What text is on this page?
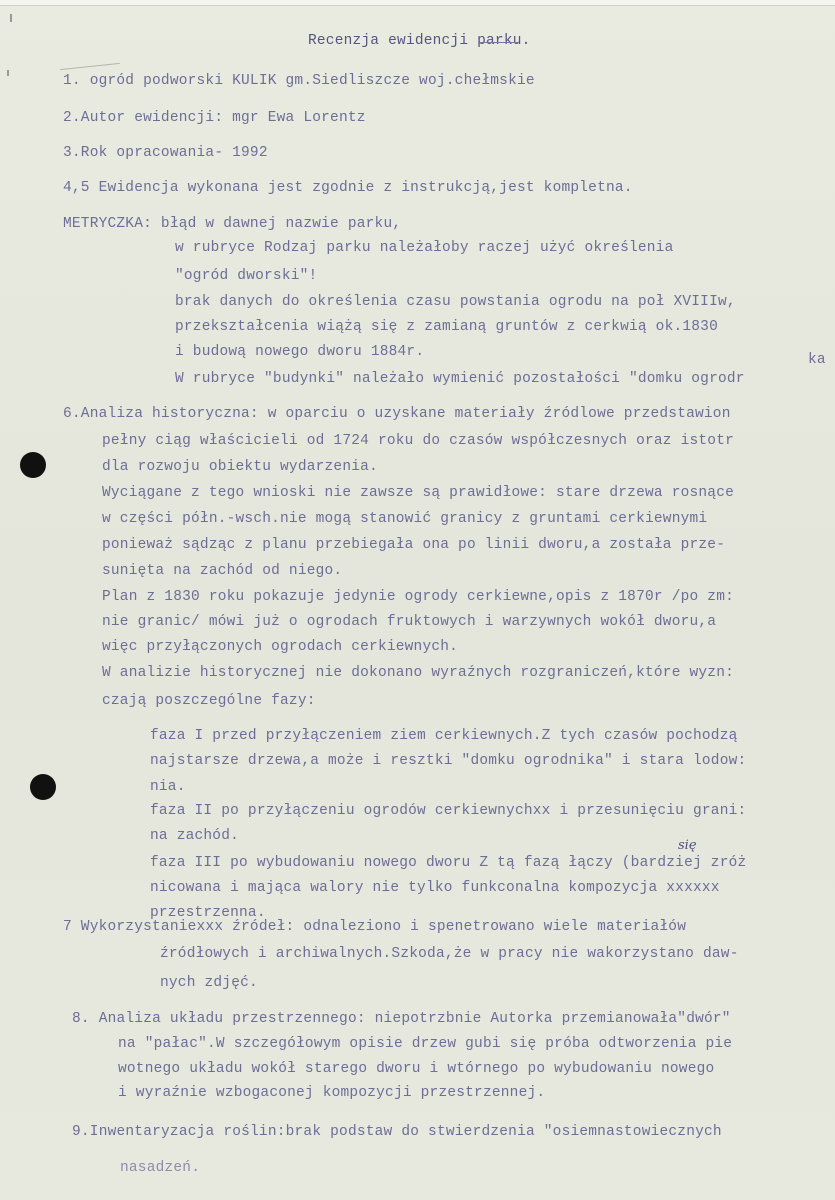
Recenzja ewidencji parku.
1. ogród podworski KULIK gm.Siedliszcze woj.chełmskie
2.Autor ewidencji: mgr Ewa Lorentz
3.Rok opracowania- 1992
4,5 Ewidencja wykonana jest zgodnie z instrukcją,jest kompletna.
METRYCZKA: błąd w dawnej nazwie parku,
w rubryce Rodzaj parku należałoby raczej użyć określenia
"ogród dworski"!
brak danych do określenia czasu powstania ogrodu na poł XVIIIw,
przekształcenia wiążą się z zamianą gruntów z cerkwią ok.1830
i budową nowego dworu 1884r.	ka
W rubryce "budynki" należało wymienić pozostałości "domku ogrodr
6.Analiza historyczna: w oparciu o uzyskane materiały źródlowe przedstawion
pełny ciąg właścicieli od 1724 roku do czasów współczesnych oraz istotr
dla rozwoju obiektu wydarzenia.
Wyciągane z tego wnioski nie zawsze są prawidłowe: stare drzewa rosnące
w części półn.-wsch.nie mogą stanowić granicy z gruntami cerkiewnymi
ponieważ sądząc z planu przebiegała ona po linii dworu,a została prze-
sunięta na zachód od niego.
Plan z 1830 roku pokazuje jedynie ogrody cerkiewne,opis z 1870r /po zm:
nie granic/ mówi już o ogrodach fruktowych i warzywnych wokół dworu,a
więc przyłączonych ogrodach cerkiewnych.
W analizie historycznej nie dokonano wyraźnych rozgraniczeń,które wyzn:
czają poszczególne fazy:
faza I przed przyłączeniem ziem cerkiewnych.Z tych czasów pochodzą
najstarsze drzewa,a może i resztki "domku ogrodnika" i stara lodow:
nia.
faza II po przyłączeniu ogrodów cerkiewnychxx i przesunięciu grani:
na zachód.
faza III po wybudowaniu nowego dworu Z tą fazą łączy (bardziej zróż
się
nicowana i mająca walory nie tylko funkconalna kompozycja xxxxxx
przestrzenna.
7 Wykorzystaniexxx źródeł: odnaleziono i spenetrowano wiele materiałów
źródłowych i archiwalnych.Szkoda,że w pracy nie wakorzystano daw-
nych zdjęć.
8. Analiza układu przestrzennego: niepotrzbnie Autorka przemianowała"dwór"
na "pałac".W szczegółowym opisie drzew gubi się próba odtworzenia pie
wotnego układu wokół starego dworu i wtórnego po wybudowaniu nowego
i wyraźnie wzbogaconej kompozycji przestrzennej.
9.Inwentaryzacja roślin:brak podstaw do stwierdzenia "osiemnastowiecznych
nasadzeń.
